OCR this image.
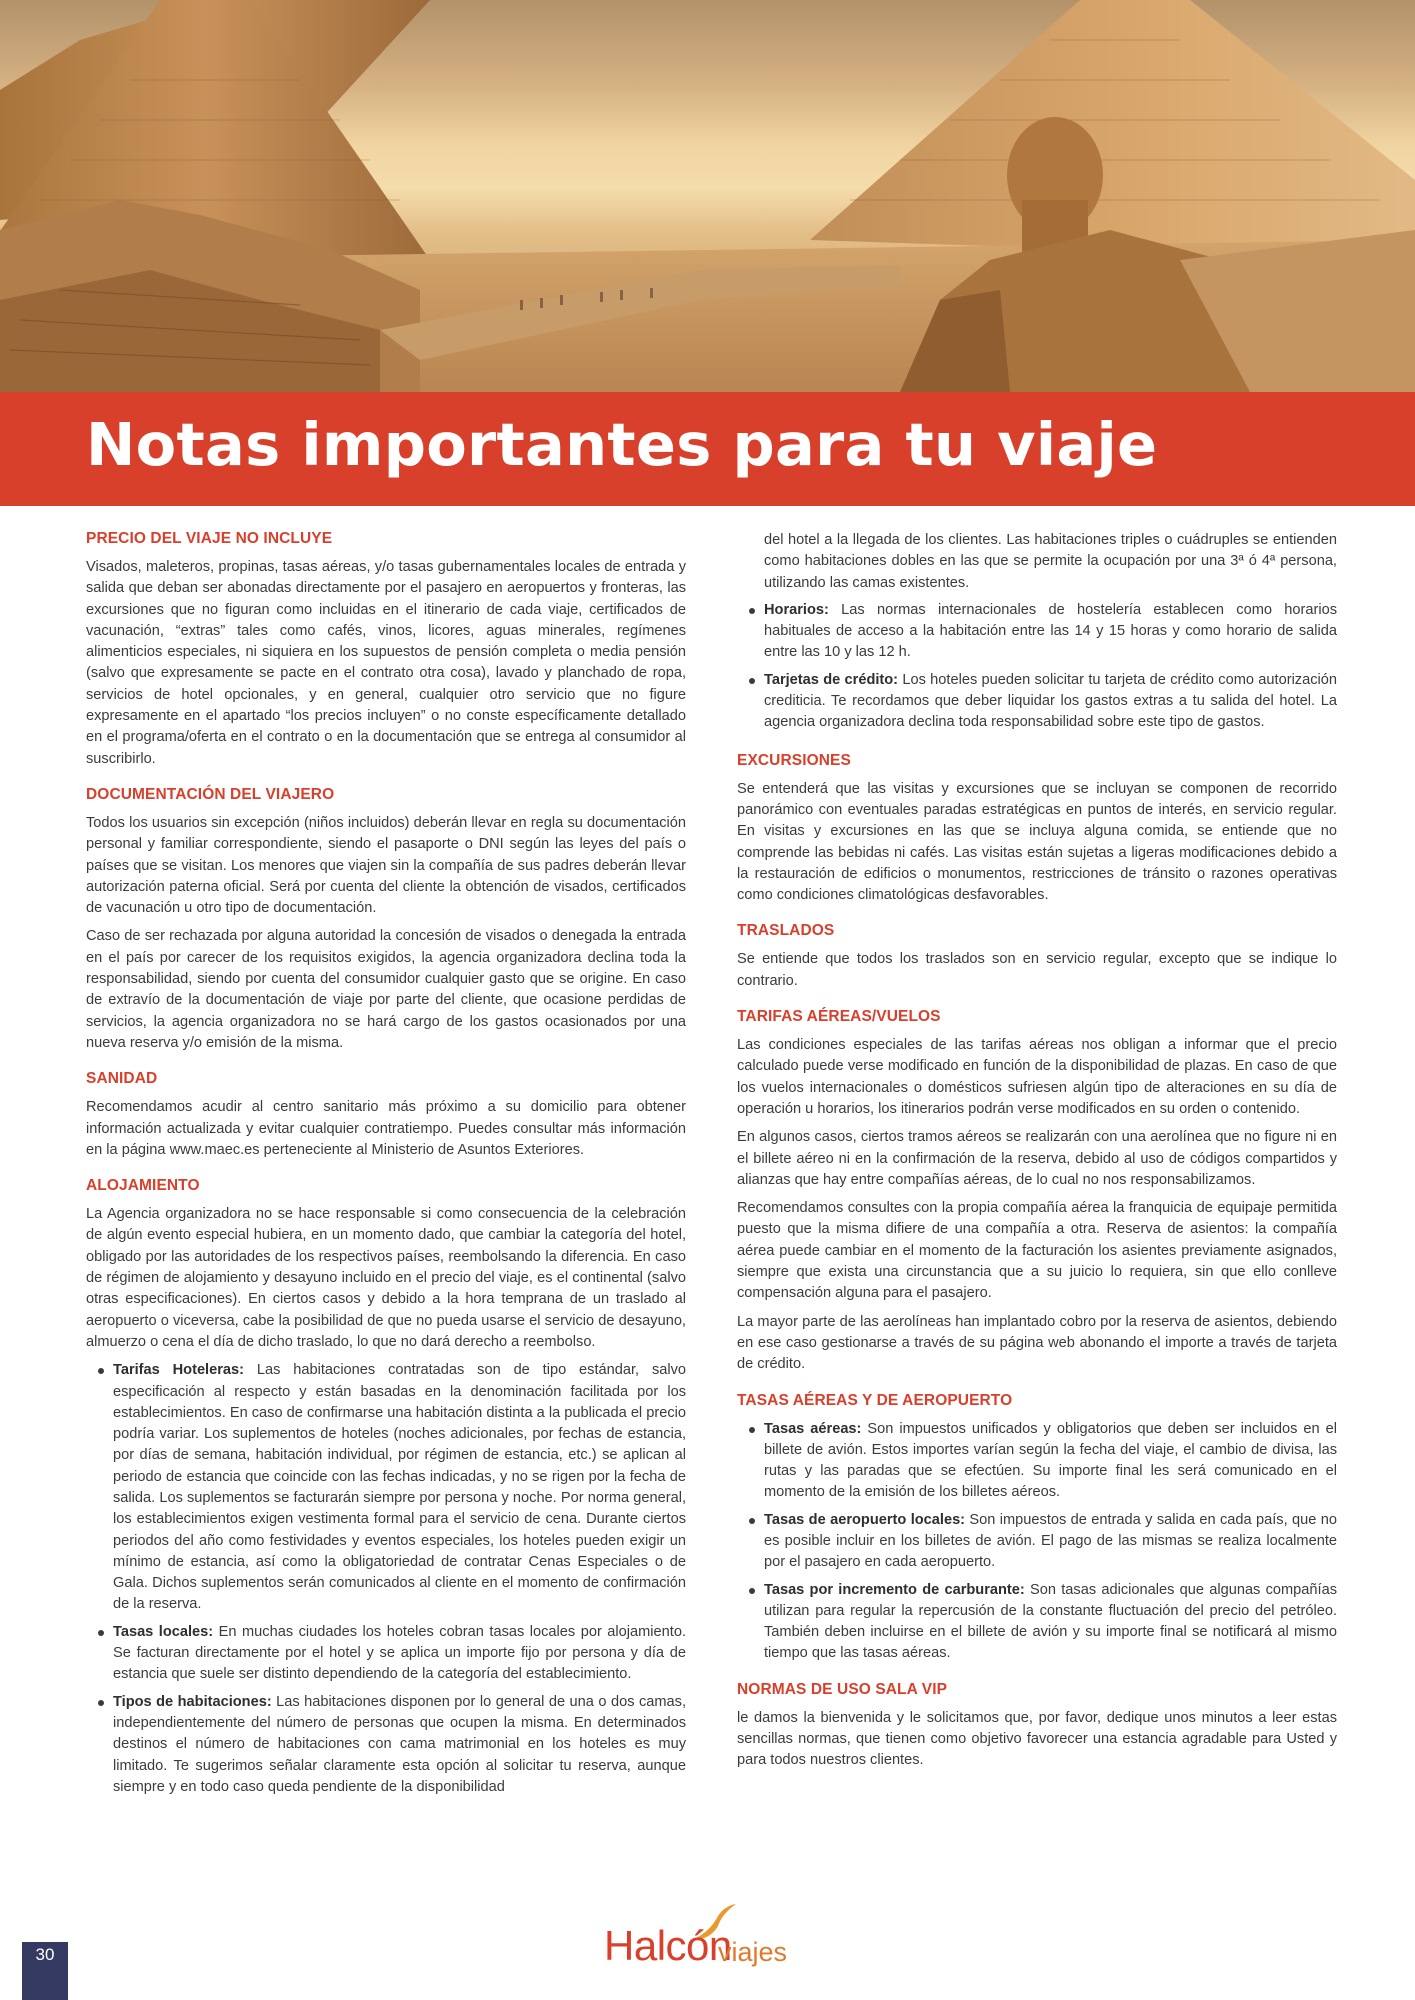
Notas importantes para tu viaje
PRECIO DEL VIAJE NO INCLUYE

Visados, maleteros, propinas, tasas aéreas, y/o tasas gubernamentales locales de entrada y salida que deban ser abonadas directamente por el pasajero en aeropuertos y fronteras, las excursiones que no figuran como incluidas en el itinerario de cada viaje, certificados de vacunación, “extras” tales como cafés, vinos, licores, aguas minerales, regímenes alimenticios especiales, ni siquiera en los supuestos de pensión completa o media pensión (salvo que expresamente se pacte en el contrato otra cosa), lavado y planchado de ropa, servicios de hotel opcionales, y en general, cualquier otro servicio que no figure expresamente en el apartado “los precios incluyen” o no conste específicamente detallado en el programa/oferta en el contrato o en la documentación que se entrega al consumidor al suscribirlo.

DOCUMENTACIÓN DEL VIAJERO

Todos los usuarios sin excepción (niños incluidos) deberán llevar en regla su documentación personal y familiar correspondiente, siendo el pasaporte o DNI según las leyes del país o países que se visitan. Los menores que viajen sin la compañía de sus padres deberán llevar autorización paterna oficial. Será por cuenta del cliente la obtención de visados, certificados de vacunación u otro tipo de documentación.

Caso de ser rechazada por alguna autoridad la concesión de visados o denegada la entrada en el país por carecer de los requisitos exigidos, la agencia organizadora declina toda la responsabilidad, siendo por cuenta del consumidor cualquier gasto que se origine. En caso de extravío de la documentación de viaje por parte del cliente, que ocasione perdidas de servicios, la agencia organizadora no se hará cargo de los gastos ocasionados por una nueva reserva y/o emisión de la misma.

SANIDAD

Recomendamos acudir al centro sanitario más próximo a su domicilio para obtener información actualizada y evitar cualquier contratiempo. Puedes consultar más información en la página www.maec.es perteneciente al Ministerio de Asuntos Exteriores.

ALOJAMIENTO

La Agencia organizadora no se hace responsable si como consecuencia de la celebración de algún evento especial hubiera, en un momento dado, que cambiar la categoría del hotel, obligado por las autoridades de los respectivos países, reembolsando la diferencia. En caso de régimen de alojamiento y desayuno incluido en el precio del viaje, es el continental (salvo otras especificaciones). En ciertos casos y debido a la hora temprana de un traslado al aeropuerto o viceversa, cabe la posibilidad de que no pueda usarse el servicio de desayuno, almuerzo o cena el día de dicho traslado, lo que no dará derecho a reembolso.

Tarifas Hoteleras: Las habitaciones contratadas son de tipo estándar, salvo especificación al respecto y están basadas en la denominación facilitada por los establecimientos. En caso de confirmarse una habitación distinta a la publicada el precio podría variar. Los suplementos de hoteles (noches adicionales, por fechas de estancia, por días de semana, habitación individual, por régimen de estancia, etc.) se aplican al periodo de estancia que coincide con las fechas indicadas, y no se rigen por la fecha de salida. Los suplementos se facturarán siempre por persona y noche. Por norma general, los establecimientos exigen vestimenta formal para el servicio de cena. Durante ciertos periodos del año como festividades y eventos especiales, los hoteles pueden exigir un mínimo de estancia, así como la obligatoriedad de contratar Cenas Especiales o de Gala. Dichos suplementos serán comunicados al cliente en el momento de confirmación de la reserva.
Tasas locales: En muchas ciudades los hoteles cobran tasas locales por alojamiento. Se facturan directamente por el hotel y se aplica un importe fijo por persona y día de estancia que suele ser distinto dependiendo de la categoría del establecimiento.
Tipos de habitaciones: Las habitaciones disponen por lo general de una o dos camas, independientemente del número de personas que ocupen la misma. En determinados destinos el número de habitaciones con cama matrimonial en los hoteles es muy limitado. Te sugerimos señalar claramente esta opción al solicitar tu reserva, aunque siempre y en todo caso queda pendiente de la disponibilidad

del hotel a la llegada de los clientes. Las habitaciones triples o cuádruples se entienden como habitaciones dobles en las que se permite la ocupación por una 3ª ó 4ª persona, utilizando las camas existentes.

Horarios: Las normas internacionales de hostelería establecen como horarios habituales de acceso a la habitación entre las 14 y 15 horas y como horario de salida entre las 10 y las 12 h.
Tarjetas de crédito: Los hoteles pueden solicitar tu tarjeta de crédito como autorización crediticia. Te recordamos que deber liquidar los gastos extras a tu salida del hotel. La agencia organizadora declina toda responsabilidad sobre este tipo de gastos.
EXCURSIONES

Se entenderá que las visitas y excursiones que se incluyan se componen de recorrido panorámico con eventuales paradas estratégicas en puntos de interés, en servicio regular. En visitas y excursiones en las que se incluya alguna comida, se entiende que no comprende las bebidas ni cafés. Las visitas están sujetas a ligeras modificaciones debido a la restauración de edificios o monumentos, restricciones de tránsito o razones operativas como condiciones climatológicas desfavorables.

TRASLADOS

Se entiende que todos los traslados son en servicio regular, excepto que se indique lo contrario.

TARIFAS AÉREAS/VUELOS

Las condiciones especiales de las tarifas aéreas nos obligan a informar que el precio calculado puede verse modificado en función de la disponibilidad de plazas. En caso de que los vuelos internacionales o domésticos sufriesen algún tipo de alteraciones en su día de operación u horarios, los itinerarios podrán verse modificados en su orden o contenido.

En algunos casos, ciertos tramos aéreos se realizarán con una aerolínea que no figure ni en el billete aéreo ni en la confirmación de la reserva, debido al uso de códigos compartidos y alianzas que hay entre compañías aéreas, de lo cual no nos responsabilizamos.

Recomendamos consultes con la propia compañía aérea la franquicia de equipaje permitida puesto que la misma difiere de una compañía a otra. Reserva de asientos: la compañía aérea puede cambiar en el momento de la facturación los asientes previamente asignados, siempre que exista una circunstancia que a su juicio lo requiera, sin que ello conlleve compensación alguna para el pasajero.

La mayor parte de las aerolíneas han implantado cobro por la reserva de asientos, debiendo en ese caso gestionarse a través de su página web abonando el importe a través de tarjeta de crédito.

TASAS AÉREAS Y DE AEROPUERTO
Tasas aéreas: Son impuestos unificados y obligatorios que deben ser incluidos en el billete de avión. Estos importes varían según la fecha del viaje, el cambio de divisa, las rutas y las paradas que se efectúen. Su importe final les será comunicado en el momento de la emisión de los billetes aéreos.
Tasas de aeropuerto locales: Son impuestos de entrada y salida en cada país, que no es posible incluir en los billetes de avión. El pago de las mismas se realiza localmente por el pasajero en cada aeropuerto.
Tasas por incremento de carburante: Son tasas adicionales que algunas compañías utilizan para regular la repercusión de la constante fluctuación del precio del petróleo. También deben incluirse en el billete de avión y su importe final se notificará al mismo tiempo que las tasas aéreas.
NORMAS DE USO SALA VIP

le damos la bienvenida y le solicitamos que, por favor, dedique unos minutos a leer estas sencillas normas, que tienen como objetivo favorecer una estancia agradable para Usted y para todos nuestros clientes.

30	Halcón
viajes
